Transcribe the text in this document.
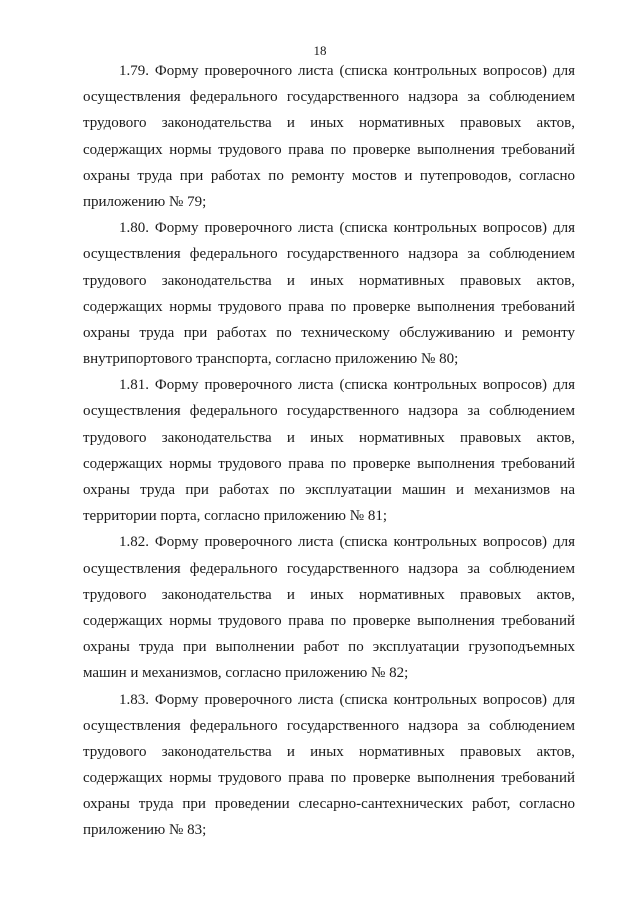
18

1.79. Форму проверочного листа (списка контрольных вопросов) для
осуществления федерального государственного надзора за соблюдением
трудового законодательства и иных нормативных правовых актов,
содержащих нормы трудового права по проверке выполнения требований
охраны труда при работах по ремонту мостов и путепроводов, согласно
приложению № 79;

1.80. Форму проверочного листа (списка контрольных вопросов) для
осуществления федерального государственного надзора за соблюдением
трудового законодательства и иных нормативных правовых актов,
содержащих нормы трудового права по проверке выполнения требований
охраны труда при работах по техническому обслуживанию и ремонту
внутрипортового транспорта, согласно приложению № 80;

1.81. Форму проверочного листа (списка контрольных вопросов) для
осуществления федерального государственного надзора за соблюдением
трудового законодательства и иных нормативных правовых актов,
содержащих нормы трудового права по проверке выполнения требований
охраны труда при работах по эксплуатации машин и механизмов на
территории порта, согласно приложению № 81;

1.82. Форму проверочного листа (списка контрольных вопросов) для
осуществления федерального государственного надзора за соблюдением
трудового законодательства и иных нормативных правовых актов,
содержащих нормы трудового права по проверке выполнения требований
охраны труда при выполнении работ по эксплуатации грузоподъемных
машин и механизмов, согласно приложению № 82;

1.83. Форму проверочного листа (списка контрольных вопросов) для
осуществления федерального государственного надзора за соблюдением
трудового законодательства и иных нормативных правовых актов,
содержащих нормы трудового права по проверке выполнения требований
охраны труда при проведении слесарно-сантехнических работ, согласно
приложению № 83;
